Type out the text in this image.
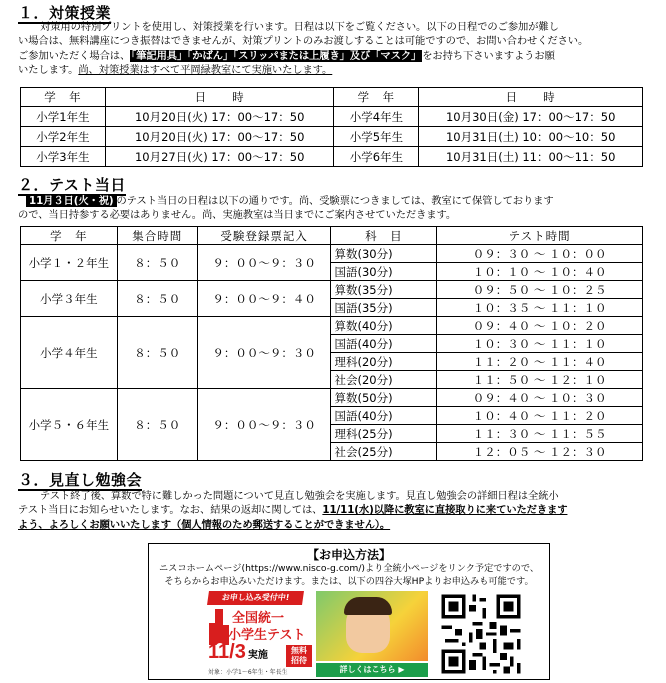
１．対策授業
対策用の特別プリントを使用し、対策授業を行います。日程は以下をご覧ください。以下の日程でのご参加が難し
い場合は、無料講座につき振替はできませんが、対策プリントのみお渡しすることは可能ですので、お問い合わせください。
ご参加いただく場合は、「筆記用具」「かばん」「スリッパまたは上履き」及び「マスク」をお持ち下さいますようお願
いたします。尚、対策授業はすべて平岡緑教室にて実施いたします。
学　年	日　　時	学　年	日　　時
小学1年生	10月20日(火) 17：00〜17：50	小学4年生	10月30日(金) 17：00〜17：50
小学2年生	10月20日(火) 17：00〜17：50	小学5年生	10月31日(土) 10：00〜10：50
小学3年生	10月27日(火) 17：00〜17：50	小学6年生	10月31日(土) 11：00〜11：50
２．テスト当日
11月３日(火・祝) のテスト当日の日程は以下の通りです。尚、受験票につきましては、教室にて保管しております
ので、当日持参する必要はありません。尚、実施教室は当日までにご案内させていただきます。
学　年	集合時間	受験登録票記入	科　目	テスト時間
小学１・２年生	８：５０	９：００〜９：３０	算数(30分)	０９：３０ 〜 １０：００
			国語(30分)	１０：１０ 〜 １０：４０
小学３年生	８：５０	９：００〜９：４０	算数(35分)	０９：５０ 〜 １０：２５
			国語(35分)	１０：３５ 〜 １１：１０
小学４年生	８：５０	９：００〜９：３０	算数(40分)	０９：４０ 〜 １０：２０
			国語(40分)	１０：３０ 〜 １１：１０
			理科(20分)	１１：２０ 〜 １１：４０
			社会(20分)	１１：５０ 〜 １２：１０
小学５・６年生	８：５０	９：００〜９：３０	算数(50分)	０９：４０ 〜 １０：３０
			国語(40分)	１０：４０ 〜 １１：２０
			理科(25分)	１１：３０ 〜 １１：５５
			社会(25分)	１２：０５ 〜 １２：３０
３．見直し勉強会
テスト終了後、算数で特に難しかった問題について見直し勉強会を実施します。見直し勉強会の詳細日程は全統小
テスト当日にお知らせいたします。なお、結果の返却に関しては、11/11(水)以降に教室に直接取りに来ていただきます
よう、よろしくお願いいたします（個人情報のため郵送することができません）。
【お申込方法】
ニスコホームページ(https://www.nisco-g.com/)より全統小ページをリンク予定ですので、
そちらからお申込みいただけます。または、以下の四谷大塚HPよりお申込みも可能です。
お申し込み受付中!
全国統一
小学生テスト
11/3 実施	無料
招待
対象：小学1〜6年生・年長生	詳しくはこちら ▶
